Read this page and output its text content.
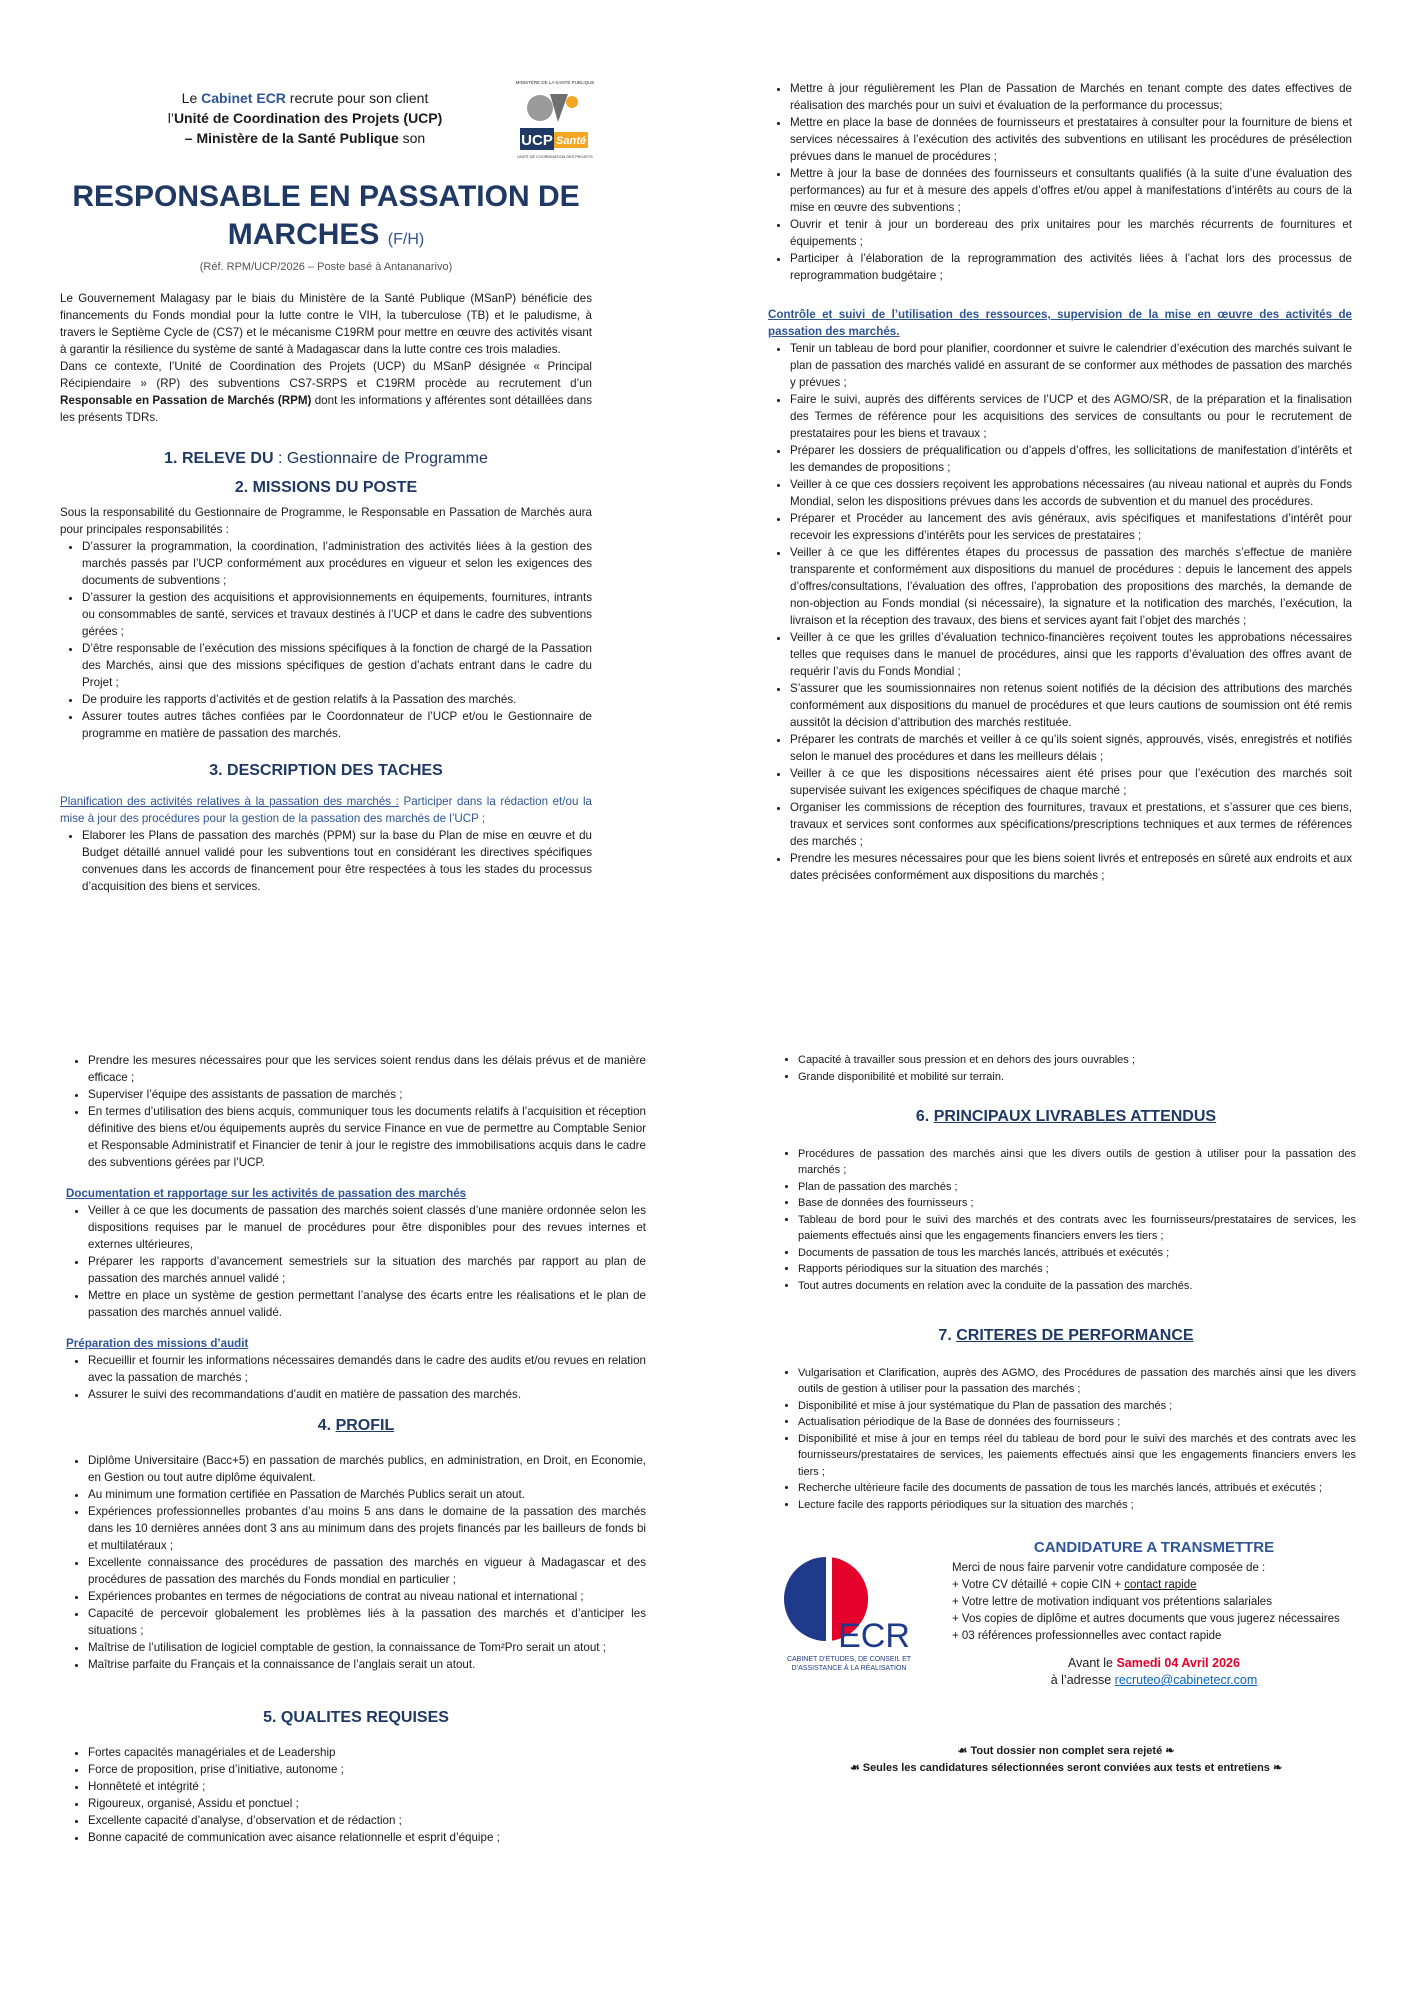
Le Cabinet ECR recrute pour son client
l’Unité de Coordination des Projets (UCP)
– Ministère de la Santé Publique son
MINISTÈRE DE LA SANTÉ PUBLIQUE
UCP Santé
UNITÉ DE COORDINATION DES PROJETS
RESPONSABLE EN PASSATION DE
MARCHES (F/H)
(Réf. RPM/UCP/2026 – Poste basé à Antananarivo)

Le Gouvernement Malagasy par le biais du Ministère de la Santé Publique (MSanP) bénéficie des financements du Fonds mondial pour la lutte contre le VIH, la tuberculose (TB) et le paludisme, à travers le Septième Cycle de (CS7) et le mécanisme C19RM pour mettre en œuvre des activités visant à garantir la résilience du système de santé à Madagascar dans la lutte contre ces trois maladies.

Dans ce contexte, l’Unité de Coordination des Projets (UCP) du MSanP désignée « Principal Récipiendaire » (RP) des subventions CS7-SRPS et C19RM procède au recrutement d’un Responsable en Passation de Marchés (RPM) dont les informations y afférentes sont détaillées dans les présents TDRs.

1. RELEVE DU : Gestionnaire de Programme
2. MISSIONS DU POSTE

Sous la responsabilité du Gestionnaire de Programme, le Responsable en Passation de Marchés aura pour principales responsabilités :

• D’assurer la programmation, la coordination, l’administration des activités liées à la gestion des marchés passés par l’UCP conformément aux procédures en vigueur et selon les exigences des documents de subventions ;
• D’assurer la gestion des acquisitions et approvisionnements en équipements, fournitures, intrants ou consommables de santé, services et travaux destinés à l’UCP et dans le cadre des subventions gérées ;
• D’être responsable de l’exécution des missions spécifiques à la fonction de chargé de la Passation des Marchés, ainsi que des missions spécifiques de gestion d’achats entrant dans le cadre du Projet ;
• De produire les rapports d’activités et de gestion relatifs à la Passation des marchés.
• Assurer toutes autres tâches confiées par le Coordonnateur de l’UCP et/ou le Gestionnaire de programme en matière de passation des marchés.
3. DESCRIPTION DES TACHES

Planification des activités relatives à la passation des marchés : Participer dans la rédaction et/ou la mise à jour des procédures pour la gestion de la passation des marchés de l’UCP ;

• Elaborer les Plans de passation des marchés (PPM) sur la base du Plan de mise en œuvre et du Budget détaillé annuel validé pour les subventions tout en considérant les directives spécifiques convenues dans les accords de financement pour être respectées à tous les stades du processus d’acquisition des biens et services.
• Mettre à jour régulièrement les Plan de Passation de Marchés en tenant compte des dates effectives de réalisation des marchés pour un suivi et évaluation de la performance du processus;
• Mettre en place la base de données de fournisseurs et prestataires à consulter pour la fourniture de biens et services nécessaires à l’exécution des activités des subventions en utilisant les procédures de présélection prévues dans le manuel de procédures ;
• Mettre à jour la base de données des fournisseurs et consultants qualifiés (à la suite d’une évaluation des performances) au fur et à mesure des appels d’offres et/ou appel à manifestations d’intérêts au cours de la mise en œuvre des subventions ;
• Ouvrir et tenir à jour un bordereau des prix unitaires pour les marchés récurrents de fournitures et équipements ;
• Participer à l’élaboration de la reprogrammation des activités liées à l’achat lors des processus de reprogrammation budgétaire ;

Contrôle et suivi de l’utilisation des ressources, supervision de la mise en œuvre des activités de passation des marchés.

• Tenir un tableau de bord pour planifier, coordonner et suivre le calendrier d’exécution des marchés suivant le plan de passation des marchés validé en assurant de se conformer aux méthodes de passation des marchés y prévues ;
• Faire le suivi, auprès des différents services de l’UCP et des AGMO/SR, de la préparation et la finalisation des Termes de référence pour les acquisitions des services de consultants ou pour le recrutement de prestataires pour les biens et travaux ;
• Préparer les dossiers de préqualification ou d’appels d’offres, les sollicitations de manifestation d’intérêts et les demandes de propositions ;
• Veiller à ce que ces dossiers reçoivent les approbations nécessaires (au niveau national et auprès du Fonds Mondial, selon les dispositions prévues dans les accords de subvention et du manuel des procédures.
• Préparer et Procéder au lancement des avis généraux, avis spécifiques et manifestations d’intérêt pour recevoir les expressions d’intérêts pour les services de prestataires ;
• Veiller à ce que les différentes étapes du processus de passation des marchés s’effectue de manière transparente et conformément aux dispositions du manuel de procédures : depuis le lancement des appels d’offres/consultations, l’évaluation des offres, l’approbation des propositions des marchés, la demande de non-objection au Fonds mondial (si nécessaire), la signature et la notification des marchés, l’exécution, la livraison et la réception des travaux, des biens et services ayant fait l’objet des marchés ;
• Veiller à ce que les grilles d’évaluation technico-financières reçoivent toutes les approbations nécessaires telles que requises dans le manuel de procédures, ainsi que les rapports d’évaluation des offres avant de requérir l’avis du Fonds Mondial ;
• S’assurer que les soumissionnaires non retenus soient notifiés de la décision des attributions des marchés conformément aux dispositions du manuel de procédures et que leurs cautions de soumission ont été remis aussitôt la décision d’attribution des marchés restituée.
• Préparer les contrats de marchés et veiller à ce qu’ils soient signés, approuvés, visés, enregistrés et notifiés selon le manuel des procédures et dans les meilleurs délais ;
• Veiller à ce que les dispositions nécessaires aient été prises pour que l’exécution des marchés soit supervisée suivant les exigences spécifiques de chaque marché ;
• Organiser les commissions de réception des fournitures, travaux et prestations, et s’assurer que ces biens, travaux et services sont conformes aux spécifications/prescriptions techniques et aux termes de références des marchés ;
• Prendre les mesures nécessaires pour que les biens soient livrés et entreposés en sûreté aux endroits et aux dates précisées conformément aux dispositions du marchés ;
• Prendre les mesures nécessaires pour que les services soient rendus dans les délais prévus et de manière efficace ;
• Superviser l’équipe des assistants de passation de marchés ;
• En termes d’utilisation des biens acquis, communiquer tous les documents relatifs à l’acquisition et réception définitive des biens et/ou équipements auprès du service Finance en vue de permettre au Comptable Senior et Responsable Administratif et Financier de tenir à jour le registre des immobilisations acquis dans le cadre des subventions gérées par l’UCP.

Documentation et rapportage sur les activités de passation des marchés

• Veiller à ce que les documents de passation des marchés soient classés d’une manière ordonnée selon les dispositions requises par le manuel de procédures pour être disponibles pour des revues internes et externes ultérieures,
• Préparer les rapports d’avancement semestriels sur la situation des marchés par rapport au plan de passation des marchés annuel validé ;
• Mettre en place un système de gestion permettant l’analyse des écarts entre les réalisations et le plan de passation des marchés annuel validé.

Préparation des missions d’audit

• Recueillir et fournir les informations nécessaires demandés dans le cadre des audits et/ou revues en relation avec la passation de marchés ;
• Assurer le suivi des recommandations d’audit en matière de passation des marchés.
4. PROFIL
• Diplôme Universitaire (Bacc+5) en passation de marchés publics, en administration, en Droit, en Economie, en Gestion ou tout autre diplôme équivalent.
• Au minimum une formation certifiée en Passation de Marchés Publics serait un atout.
• Expériences professionnelles probantes d’au moins 5 ans dans le domaine de la passation des marchés dans les 10 dernières années dont 3 ans au minimum dans des projets financés par les bailleurs de fonds bi et multilatéraux ;
• Excellente connaissance des procédures de passation des marchés en vigueur à Madagascar et des procédures de passation des marchés du Fonds mondial en particulier ;
• Expériences probantes en termes de négociations de contrat au niveau national et international ;
• Capacité de percevoir globalement les problèmes liés à la passation des marchés et d’anticiper les situations ;
• Maîtrise de l’utilisation de logiciel comptable de gestion, la connaissance de Tom²Pro serait un atout ;
• Maîtrise parfaite du Français et la connaissance de l’anglais serait un atout.
5. QUALITES REQUISES
• Fortes capacités managériales et de Leadership
• Force de proposition, prise d’initiative, autonome ;
• Honnêteté et intégrité ;
• Rigoureux, organisé, Assidu et ponctuel ;
• Excellente capacité d’analyse, d’observation et de rédaction ;
• Bonne capacité de communication avec aisance relationnelle et esprit d’équipe ;
• Capacité à travailler sous pression et en dehors des jours ouvrables ;
• Grande disponibilité et mobilité sur terrain.
6. PRINCIPAUX LIVRABLES ATTENDUS
• Procédures de passation des marchés ainsi que les divers outils de gestion à utiliser pour la passation des marchés ;
• Plan de passation des marchés ;
• Base de données des fournisseurs ;
• Tableau de bord pour le suivi des marchés et des contrats avec les fournisseurs/prestataires de services, les paiements effectués ainsi que les engagements financiers envers les tiers ;
• Documents de passation de tous les marchés lancés, attribués et exécutés ;
• Rapports périodiques sur la situation des marchés ;
• Tout autres documents en relation avec la conduite de la passation des marchés.
7. CRITERES DE PERFORMANCE
• Vulgarisation et Clarification, auprès des AGMO, des Procédures de passation des marchés ainsi que les divers outils de gestion à utiliser pour la passation des marchés ;
• Disponibilité et mise à jour systématique du Plan de passation des marchés ;
• Actualisation périodique de la Base de données des fournisseurs ;
• Disponibilité et mise à jour en temps réel du tableau de bord pour le suivi des marchés et des contrats avec les fournisseurs/prestataires de services, les paiements effectués ainsi que les engagements financiers envers les tiers ;
• Recherche ultérieure facile des documents de passation de tous les marchés lancés, attribués et exécutés ;
• Lecture facile des rapports périodiques sur la situation des marchés ;
ECR
CABINET D’ÉTUDES, DE CONSEIL ET D’ASSISTANCE À LA RÉALISATION
CANDIDATURE A TRANSMETTRE
Merci de nous faire parvenir votre candidature composée de :
+ Votre CV détaillé + copie CIN + contact rapide
+ Votre lettre de motivation indiquant vos prétentions salariales
+ Vos copies de diplôme et autres documents que vous jugerez nécessaires
+ 03 références professionnelles avec contact rapide
Avant le Samedi 04 Avril 2026
à l’adresse recruteo@cabinetecr.com
☙ Tout dossier non complet sera rejeté ❧
☙ Seules les candidatures sélectionnées seront conviées aux tests et entretiens ❧
